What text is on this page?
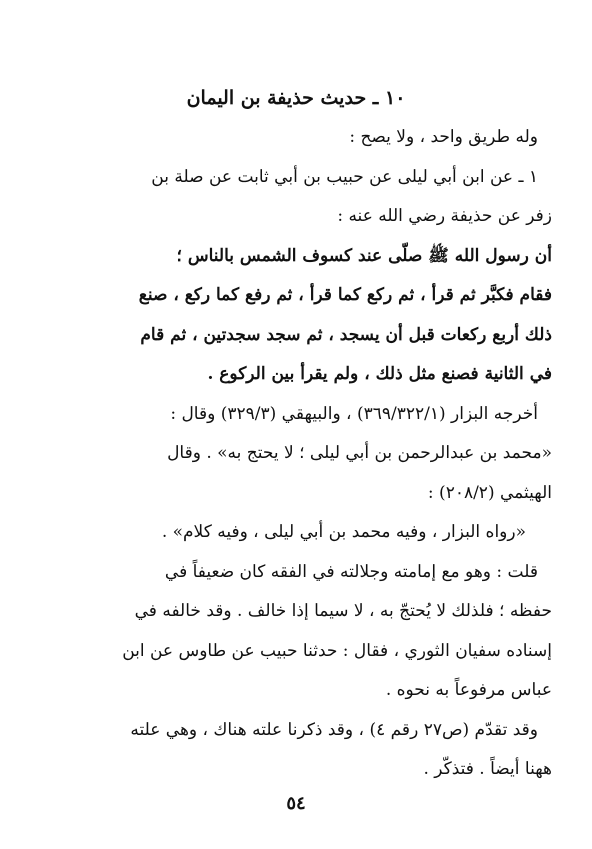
١٠ ـ حديث حذيفة بن اليمان
وله طريق واحد ، ولا يصح :
١ ـ عن ابن أبي ليلى عن حبيب بن أبي ثابت عن صلة بن
زفر عن حذيفة رضي الله عنه :
أن رسول الله ﷺ صلّى عند كسوف الشمس بالناس ؛
فقام فكبَّر ثم قرأ ، ثم ركع كما قرأ ، ثم رفع كما ركع ، صنع
ذلك أربع ركعات قبل أن يسجد ، ثم سجد سجدتين ، ثم قام
في الثانية فصنع مثل ذلك ، ولم يقرأ بين الركوع .
أخرجه البزار (٣٦٩/٣٢٢/١) ، والبيهقي (٣٢٩/٣) وقال :
«محمد بن عبدالرحمن بن أبي ليلى ؛ لا يحتج به» . وقال
الهيثمي (٢٠٨/٢) :
«رواه البزار ، وفيه محمد بن أبي ليلى ، وفيه كلام» .
قلت : وهو مع إمامته وجلالته في الفقه كان ضعيفاً في
حفظه ؛ فلذلك لا يُحتجّ به ، لا سيما إذا خالف . وقد خالفه في
إسناده سفيان الثوري ، فقال : حدثنا حبيب عن طاوس عن ابن
عباس مرفوعاً به نحوه .
وقد تقدّم (ص٢٧ رقم ٤) ، وقد ذكرنا علته هناك ، وهي علته
ههنا أيضاً . فتذكّر .
٥٤
